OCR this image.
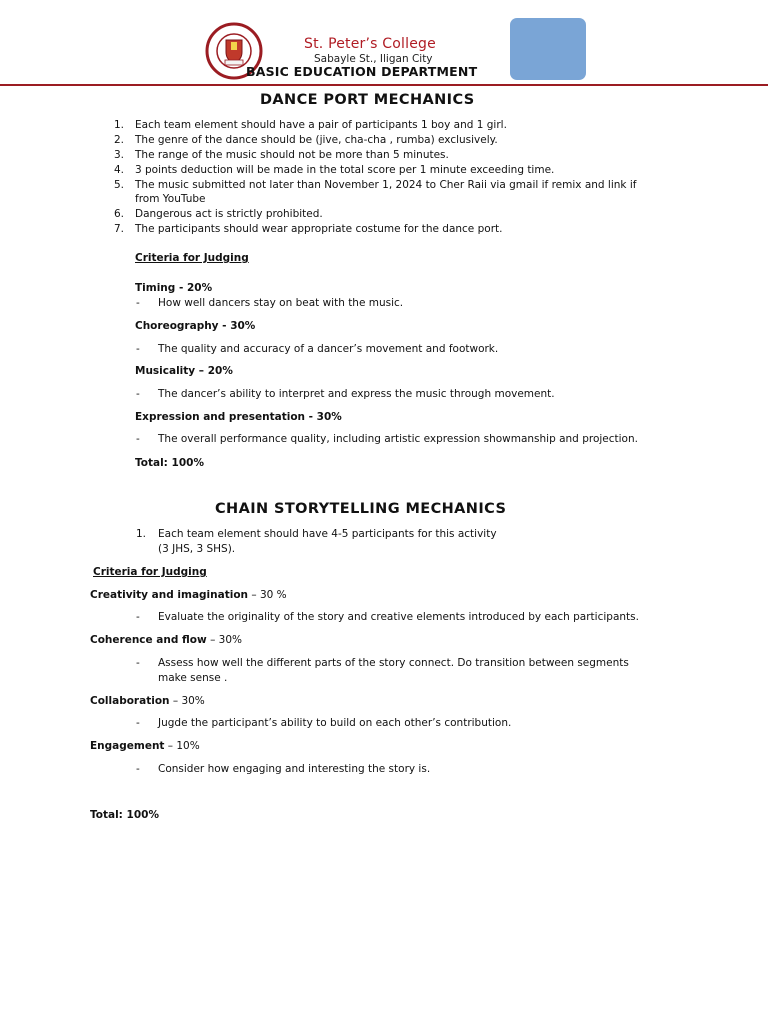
St. Peter’s College
Sabayle St., Iligan City
BASIC EDUCATION DEPARTMENT
DANCE PORT MECHANICS
1.	Each team element should have a pair of participants 1 boy and 1 girl.
2. The genre of the dance should be (jive, cha-cha , rumba) exclusively.
3. The range of the music should not be more than 5 minutes.
4. 3 points deduction will be made in the total score per 1 minute exceeding time.
5. The music submitted not later than November 1, 2024 to Cher Raii via gmail if remix and link if
from YouTube
6. Dangerous act is strictly prohibited.
7. The participants should wear appropriate costume for the dance port.
Criteria for Judging
Timing - 20%
- How well dancers stay on beat with the music.
Choreography - 30%
- The quality and accuracy of a dancer’s movement and footwork.
Musicality – 20%
- The dancer’s ability to interpret and express the music through movement.
Expression and presentation - 30%
- The overall performance quality, including artistic expression showmanship and projection.
Total: 100%
CHAIN STORYTELLING MECHANICS
1. Each team element should have 4-5 participants for this activity
(3 JHS, 3 SHS).
Criteria for Judging
Creativity and imagination – 30 %
- Evaluate the originality of the story and creative elements introduced by each participants.
Coherence and flow – 30%
- Assess how well the different parts of the story connect. Do transition between segments
make sense .
Collaboration – 30%
- Jugde the participant’s ability to build on each other’s contribution.
Engagement – 10%
- Consider how engaging and interesting the story is.
Total: 100%
